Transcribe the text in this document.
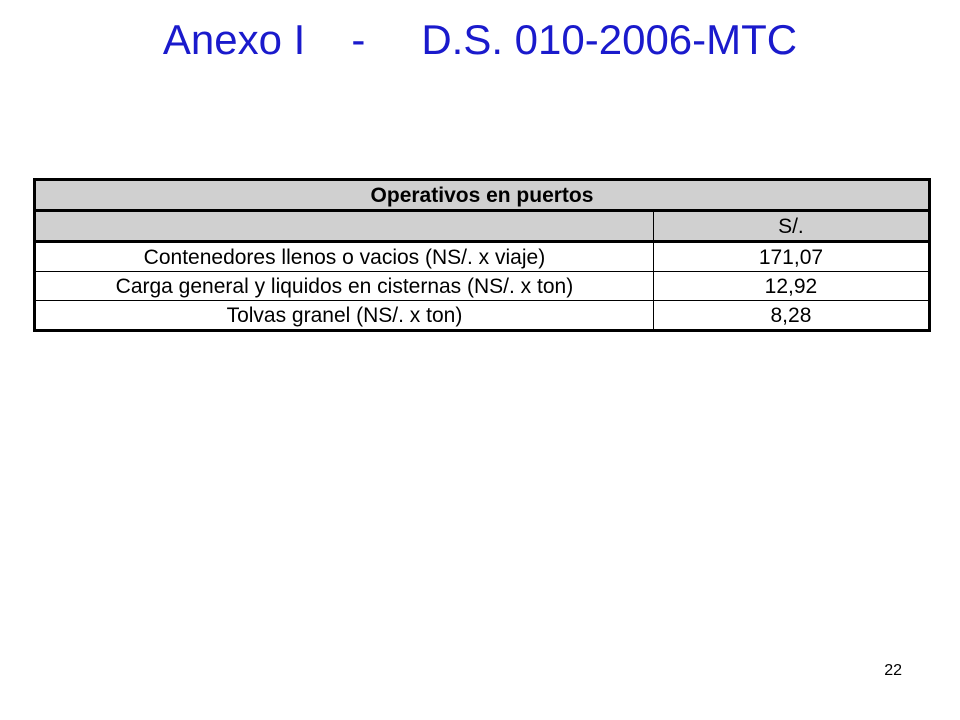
Anexo I - D.S. 010-2006-MTC
Operativos en puertos	
	S/.
Contenedores llenos o vacios (NS/. x viaje)	171,07
Carga general y liquidos en cisternas (NS/. x ton)	12,92
Tolvas granel (NS/. x ton)	8,28
22
